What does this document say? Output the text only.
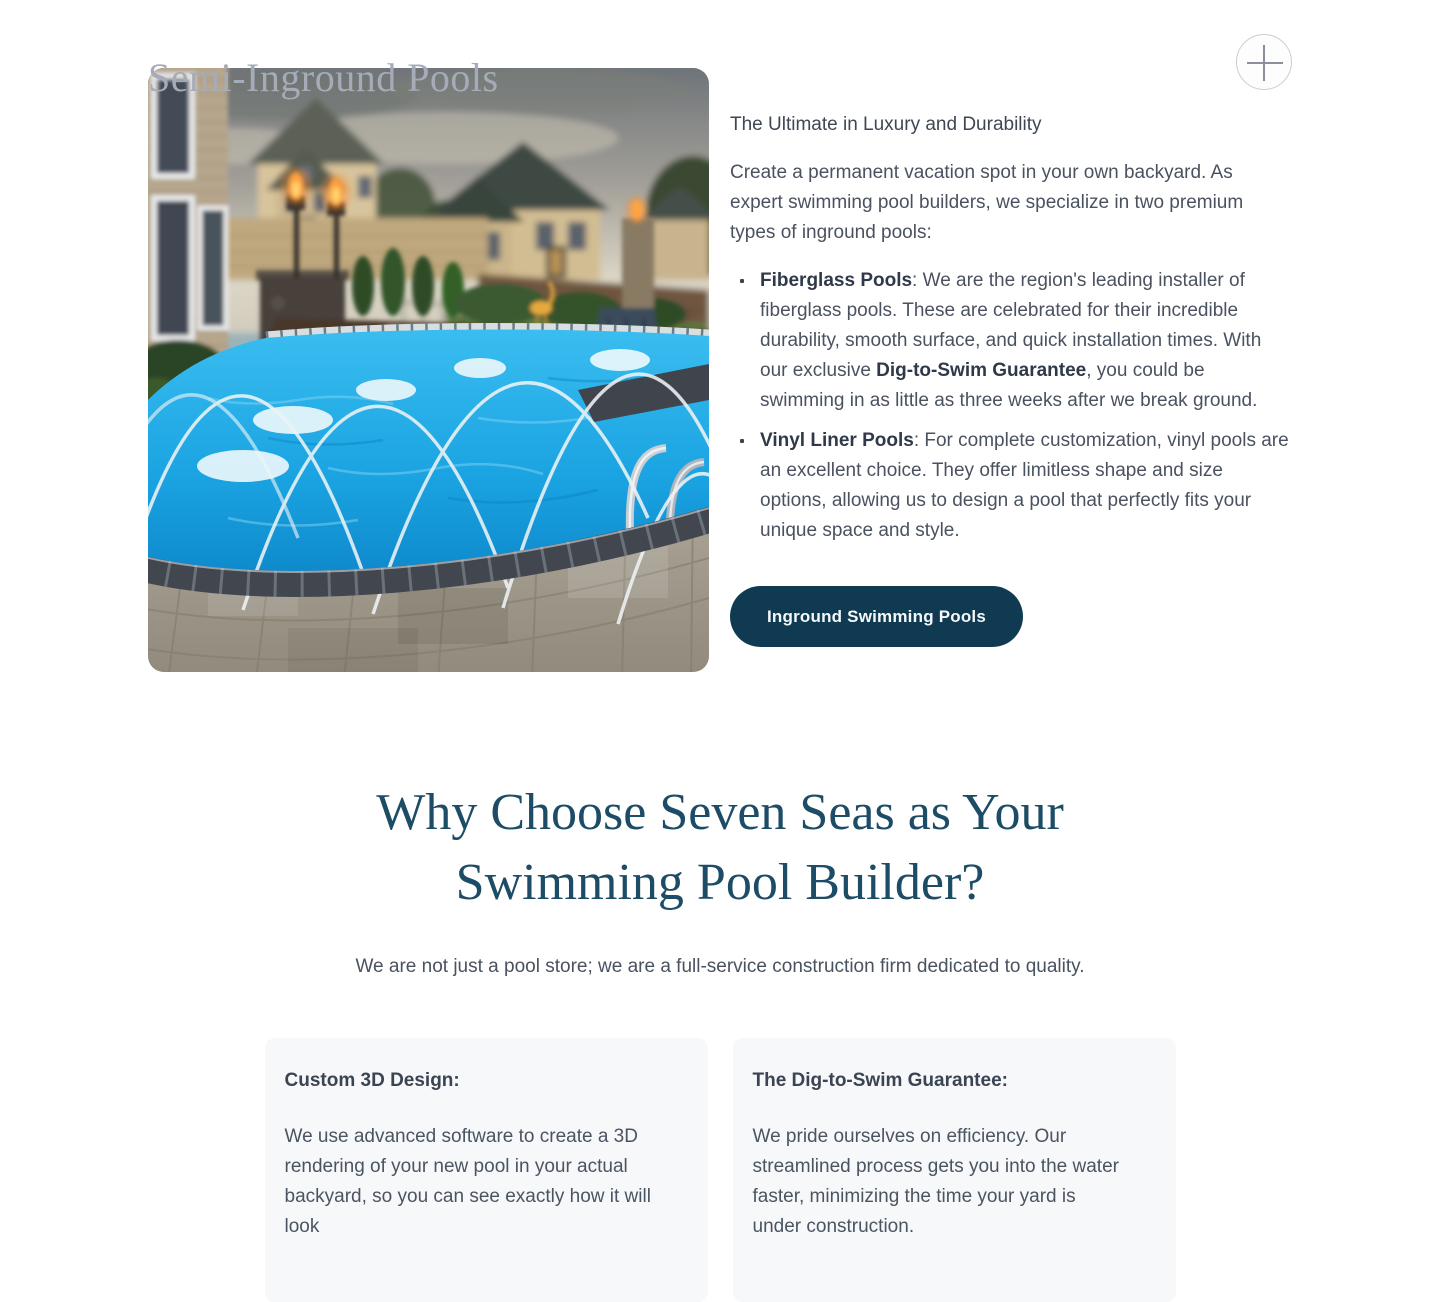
Semi-Inground Pools

The Ultimate in Luxury and Durability

Create a permanent vacation spot in your own backyard. As expert swimming pool builders, we specialize in two premium types of inground pools:

Fiberglass Pools: We are the region's leading installer of fiberglass pools. These are celebrated for their incredible durability, smooth surface, and quick installation times. With our exclusive Dig-to-Swim Guarantee, you could be swimming in as little as three weeks after we break ground.
Vinyl Liner Pools: For complete customization, vinyl pools are an excellent choice. They offer limitless shape and size options, allowing us to design a pool that perfectly fits your unique space and style.
Inground Swimming Pools
Why Choose Seven Seas as Your Swimming Pool Builder?

We are not just a pool store; we are a full-service construction firm dedicated to quality.

Custom 3D Design:

We use advanced software to create a 3D rendering of your new pool in your actual backyard, so you can see exactly how it will look

The Dig-to-Swim Guarantee:

We pride ourselves on efficiency. Our streamlined process gets you into the water faster, minimizing the time your yard is under construction.
